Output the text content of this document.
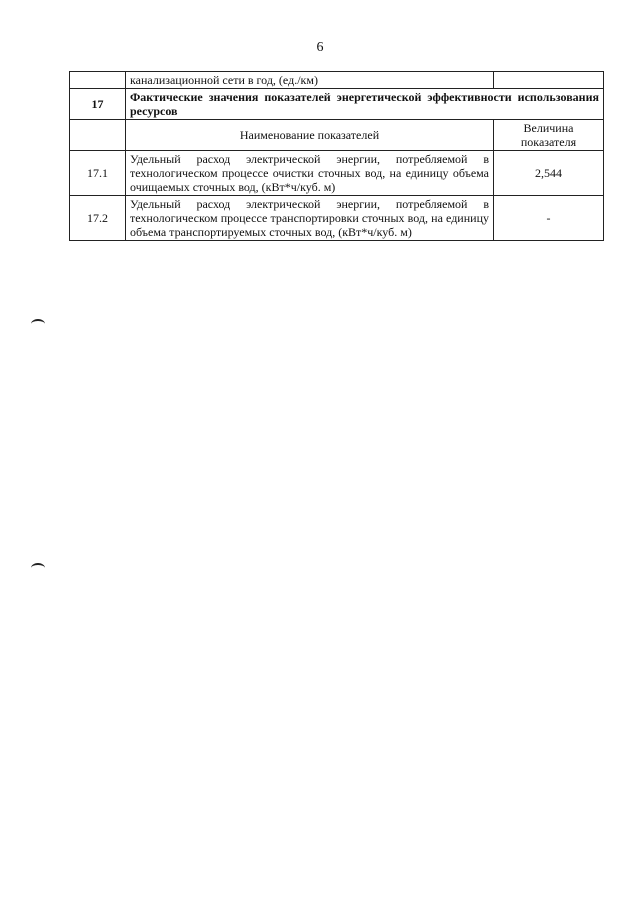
6
	канализационной сети в год, (ед./км)	
17	Фактические значения показателей энергетической эффективности использования ресурсов	
	Наименование показателей	Величина показателя
17.1	Удельный расход электрической энергии, потребляемой в технологическом процессе очистки сточных вод, на единицу объема очищаемых сточных вод, (кВт*ч/куб. м)	2,544
17.2	Удельный расход электрической энергии, потребляемой в технологическом процессе транспортировки сточных вод, на единицу объема транспортируемых сточных вод, (кВт*ч/куб. м)	-
